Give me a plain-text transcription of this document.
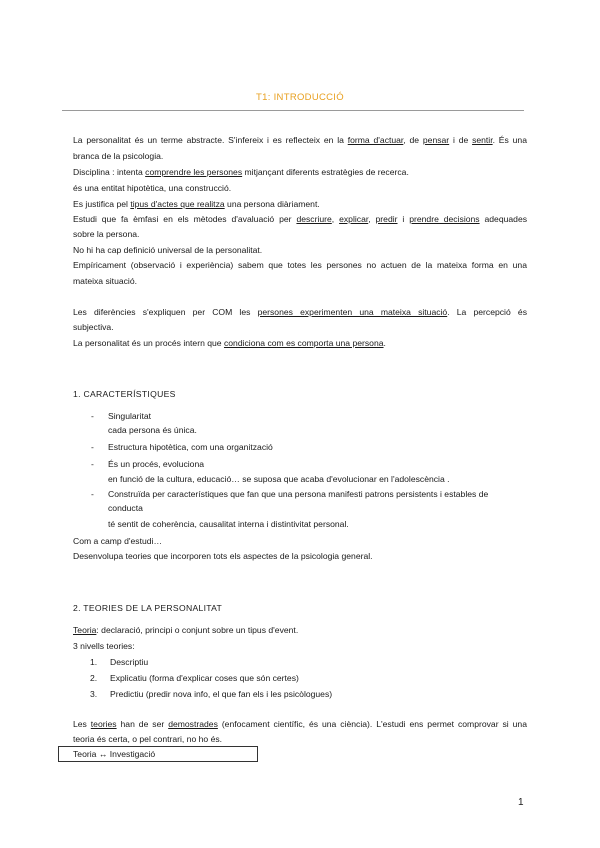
T1: INTRODUCCIÓ
La personalitat és un terme abstracte. S'infereix i es reflecteix en la forma d'actuar, de pensar i de sentir. És una
branca de la psicologia.
Disciplina : intenta comprendre les persones mitjançant diferents estratègies de recerca.
és una entitat hipotètica, una construcció.
Es justifica pel tipus d'actes que realitza una persona diàriament.
Estudi que fa èmfasi en els mètodes d'avaluació per descriure, explicar, predir i prendre decisions adequades
sobre la persona.
No hi ha cap definició universal de la personalitat.
Empíricament (observació i experiència) sabem que totes les persones no actuen de la mateixa forma en una
mateixa situació.
Les diferències s'expliquen per COM les persones experimenten una mateixa situació. La percepció és
subjectiva.
La personalitat és un procés intern que condiciona com es comporta una persona.
1. CARACTERÍSTIQUES
- Singularitat
cada persona és única.
- Estructura hipotètica, com una organització
- És un procés, evoluciona
en funció de la cultura, educació… se suposa que acaba d'evolucionar en l'adolescència .
- Construïda per característiques que fan que una persona manifesti patrons persistents i estables de
conducta
té sentit de coherència, causalitat interna i distintivitat personal.
Com a camp d'estudi…
Desenvolupa teories que incorporen tots els aspectes de la psicologia general.
2. TEORIES DE LA PERSONALITAT
Teoria: declaració, principi o conjunt sobre un tipus d'event.
3 nivells teories:
1. Descriptiu
2. Explicatiu (forma d'explicar coses que són certes)
3. Predictiu (predir nova info, el que fan els i les psicòlogues)
Les teories han de ser demostrades (enfocament científic, és una ciència). L'estudi ens permet comprovar si una
teoria és certa, o pel contrari, no ho és.
Teoria ↔ Investigació
1
